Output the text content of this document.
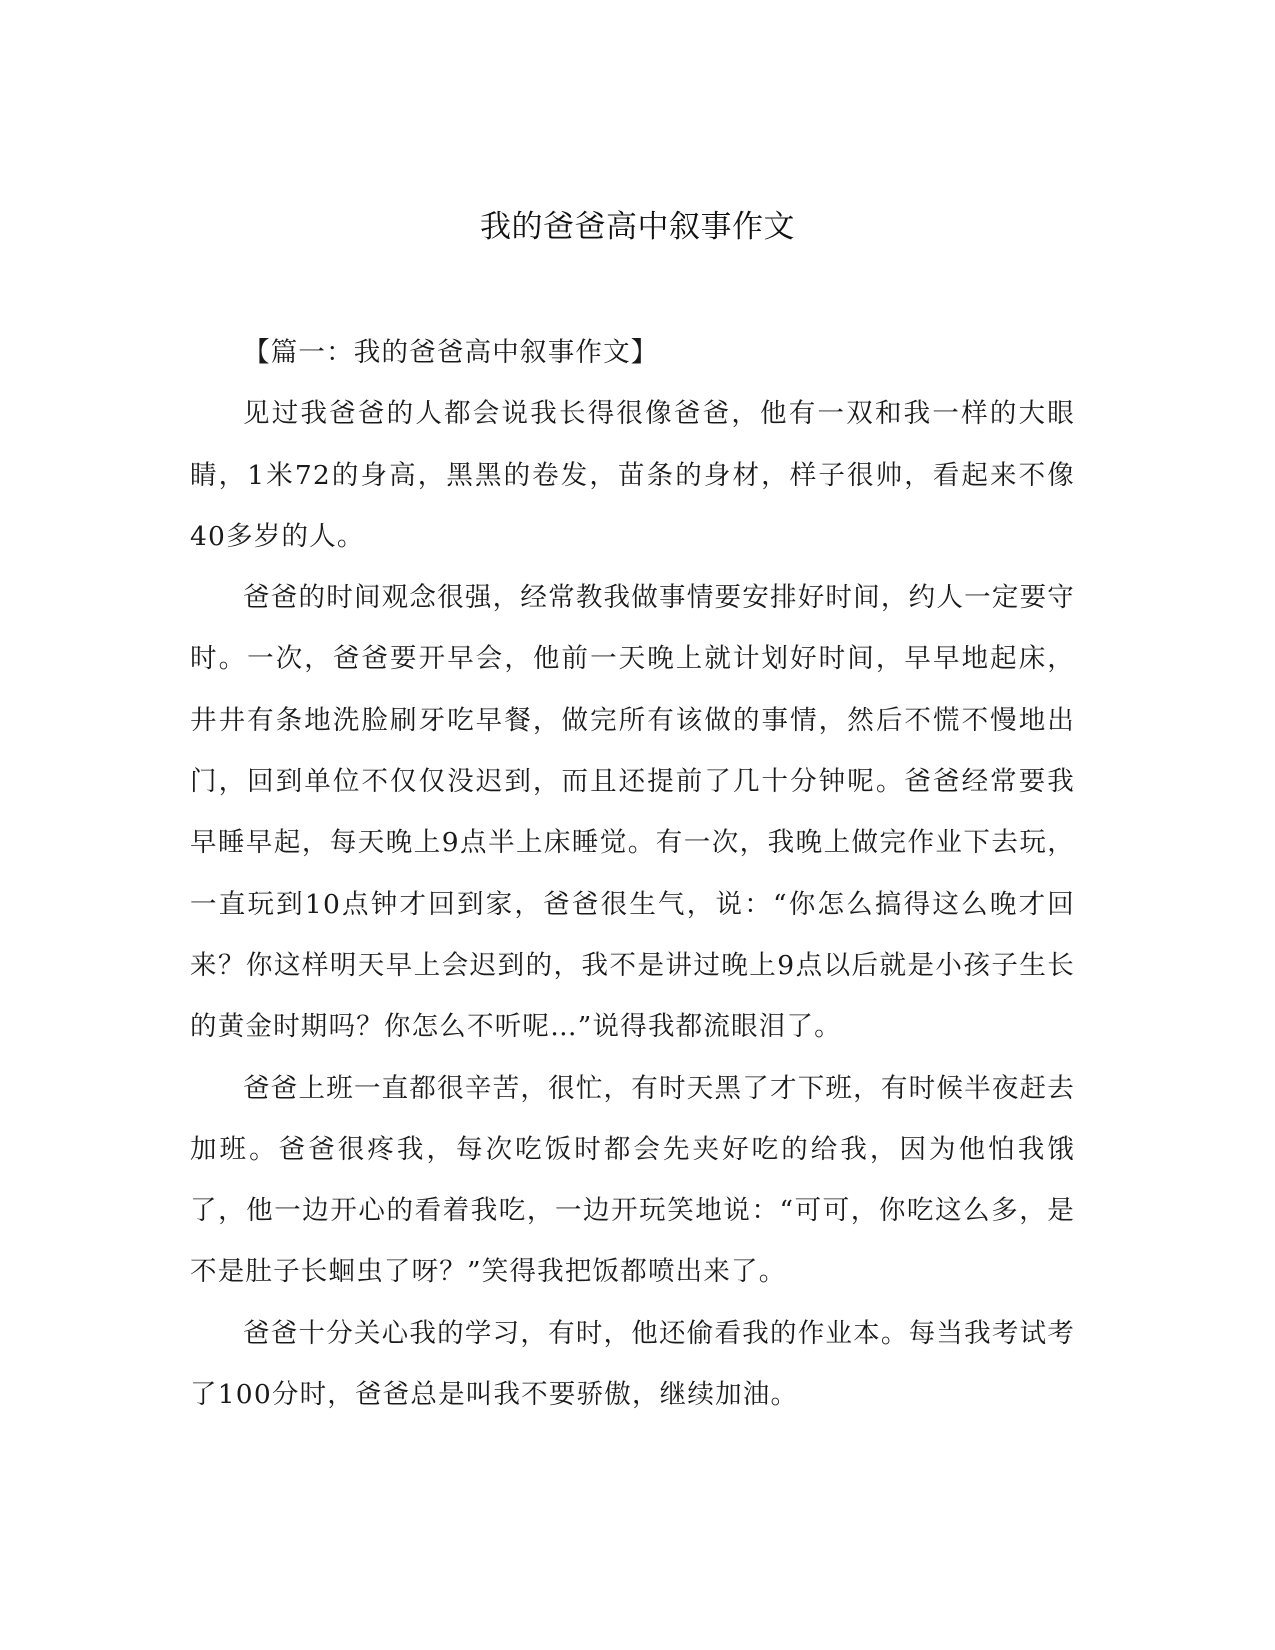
我的爸爸高中叙事作文

【篇一：我的爸爸高中叙事作文】

见过我爸爸的人都会说我长得很像爸爸，他有一双和我一样的大眼睛，1米72的身高，黑黑的卷发，苗条的身材，样子很帅，看起来不像40多岁的人。

爸爸的时间观念很强，经常教我做事情要安排好时间，约人一定要守时。一次，爸爸要开早会，他前一天晚上就计划好时间，早早地起床，井井有条地洗脸刷牙吃早餐，做完所有该做的事情，然后不慌不慢地出门，回到单位不仅仅没迟到，而且还提前了几十分钟呢。爸爸经常要我早睡早起，每天晚上9点半上床睡觉。有一次，我晚上做完作业下去玩，一直玩到10点钟才回到家，爸爸很生气，说：“你怎么搞得这么晚才回来？你这样明天早上会迟到的，我不是讲过晚上9点以后就是小孩子生长的黄金时期吗？你怎么不听呢…”说得我都流眼泪了。

爸爸上班一直都很辛苦，很忙，有时天黑了才下班，有时候半夜赶去加班。爸爸很疼我，每次吃饭时都会先夹好吃的给我，因为他怕我饿了，他一边开心的看着我吃，一边开玩笑地说：“可可，你吃这么多，是不是肚子长蛔虫了呀？”笑得我把饭都喷出来了。

爸爸十分关心我的学习，有时，他还偷看我的作业本。每当我考试考了100分时，爸爸总是叫我不要骄傲，继续加油。
